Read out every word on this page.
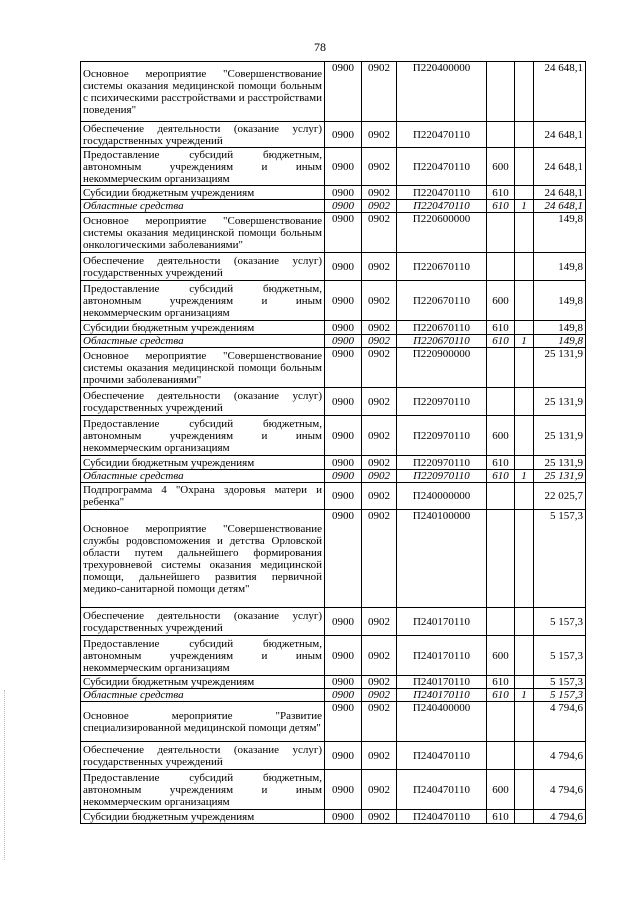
78
Основное мероприятие "Совершенствование системы оказания медицинской помощи больным с психическими расстройствами и расстройствами поведения"	0900	0902	П220400000			24 648,1
Обеспечение деятельности (оказание услуг) государственных учреждений	0900	0902	П220470110			24 648,1
Предоставление субсидий бюджетным, автономным учреждениям и иным некоммерческим организациям	0900	0902	П220470110	600		24 648,1
Субсидии бюджетным учреждениям	0900	0902	П220470110	610		24 648,1
Областные средства	0900	0902	П220470110	610	1	24 648,1
Основное мероприятие "Совершенствование системы оказания медицинской помощи больным онкологическими заболеваниями"	0900	0902	П220600000			149,8
Обеспечение деятельности (оказание услуг) государственных учреждений	0900	0902	П220670110			149,8
Предоставление субсидий бюджетным, автономным учреждениям и иным некоммерческим организациям	0900	0902	П220670110	600		149,8
Субсидии бюджетным учреждениям	0900	0902	П220670110	610		149,8
Областные средства	0900	0902	П220670110	610	1	149,8
Основное мероприятие "Совершенствование системы оказания медицинской помощи больным прочими заболеваниями"	0900	0902	П220900000			25 131,9
Обеспечение деятельности (оказание услуг) государственных учреждений	0900	0902	П220970110			25 131,9
Предоставление субсидий бюджетным, автономным учреждениям и иным некоммерческим организациям	0900	0902	П220970110	600		25 131,9
Субсидии бюджетным учреждениям	0900	0902	П220970110	610		25 131,9
Областные средства	0900	0902	П220970110	610	1	25 131,9
Подпрограмма 4 "Охрана здоровья матери и ребенка"	0900	0902	П240000000			22 025,7
Основное мероприятие "Совершенствование службы родовспоможения и детства Орловской области путем дальнейшего формирования трехуровневой системы оказания медицинской помощи, дальнейшего развития первичной медико-санитарной помощи детям"	0900	0902	П240100000			5 157,3
Обеспечение деятельности (оказание услуг) государственных учреждений	0900	0902	П240170110			5 157,3
Предоставление субсидий бюджетным, автономным учреждениям и иным некоммерческим организациям	0900	0902	П240170110	600		5 157,3
Субсидии бюджетным учреждениям	0900	0902	П240170110	610		5 157,3
Областные средства	0900	0902	П240170110	610	1	5 157,3
Основное мероприятие "Развитие специализированной медицинской помощи детям"	0900	0902	П240400000			4 794,6
Обеспечение деятельности (оказание услуг) государственных учреждений	0900	0902	П240470110			4 794,6
Предоставление субсидий бюджетным, автономным учреждениям и иным некоммерческим организациям	0900	0902	П240470110	600		4 794,6
Субсидии бюджетным учреждениям	0900	0902	П240470110	610		4 794,6
